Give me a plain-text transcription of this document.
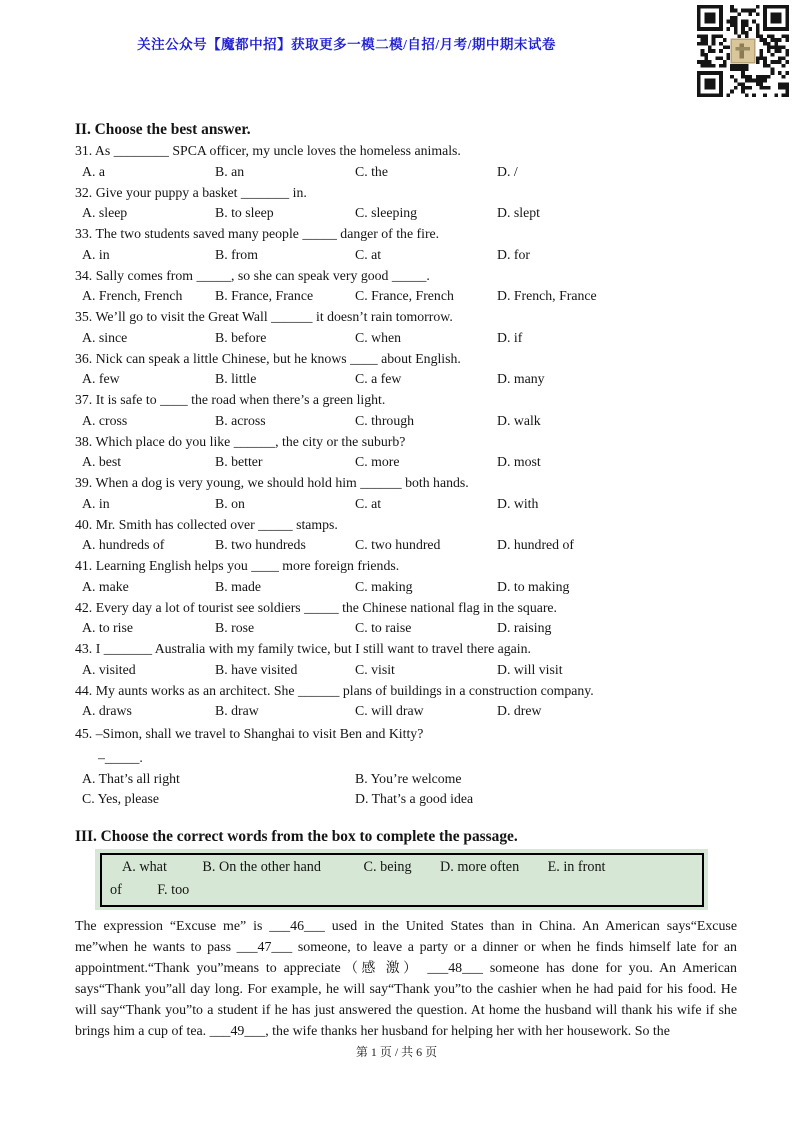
关注公众号【魔都中招】获取更多一模二模/自招/月考/期中期末试卷
II. Choose the best answer.
31. As ________ SPCA officer, my uncle loves the homeless animals.
A. a	B. an	C. the	D. /
32. Give your puppy a basket _______ in.
A. sleep	B. to sleep	C. sleeping	D. slept
33. The two students saved many people _____ danger of the fire.
A. in	B. from	C. at	D. for
34. Sally comes from _____, so she can speak very good _____.
A. French, French B. France, France	C. France, French	D. French, France
35. We’ll go to visit the Great Wall ______ it doesn’t rain tomorrow.
A. since	B. before	C. when	D. if
36. Nick can speak a little Chinese, but he knows ____ about English.
A. few	B. little	C. a few	D. many
37. It is safe to ____ the road when there’s a green light.
A. cross	B. across	C. through	D. walk
38. Which place do you like ______, the city or the suburb?
A. best	B. better	C. more	D. most
39. When a dog is very young, we should hold him ______ both hands.
A. in	B. on	C. at	D. with
40. Mr. Smith has collected over _____ stamps.
A. hundreds of	B. two hundreds	C. two hundred	D. hundred of
41. Learning English helps you ____ more foreign friends.
A. make	B. made	C. making	D. to making
42. Every day a lot of tourist see soldiers _____ the Chinese national flag in the square.
A. to rise	B. rose	C. to raise	D. raising
43. I _______ Australia with my family twice, but I still want to travel there again.
A. visited	B. have visited	C. visit	D. will visit
44. My aunts works as an architect. She ______ plans of buildings in a construction company.
A. draws	B. draw	C. will draw	D. drew
45. –Simon, shall we travel to Shanghai to visit Ben and Kitty?
–_____.
A. That’s all right	B. You’re welcome
C. Yes, please	D. That’s a good idea
III. Choose the correct words from the box to complete the passage.
A. what          B. On the other hand            C. being        D. more often        E. in front
of          F. too
The expression “Excuse me” is ___46___ used in the United States than in China. An American says“Excuse me”when he wants to pass ___47___ someone, to leave a party or a dinner or when he finds himself late for an appointment.“Thank you”means to appreciate（感 激） ___48___ someone has done for you. An American says“Thank you”all day long. For example, he will say“Thank you”to the cashier when he had paid for his food. He will say“Thank you”to a student if he has just answered the question. At home the husband will thank his wife if she brings him a cup of tea. ___49___, the wife thanks her husband for helping her with her housework. So the
第 1 页 / 共 6 页
